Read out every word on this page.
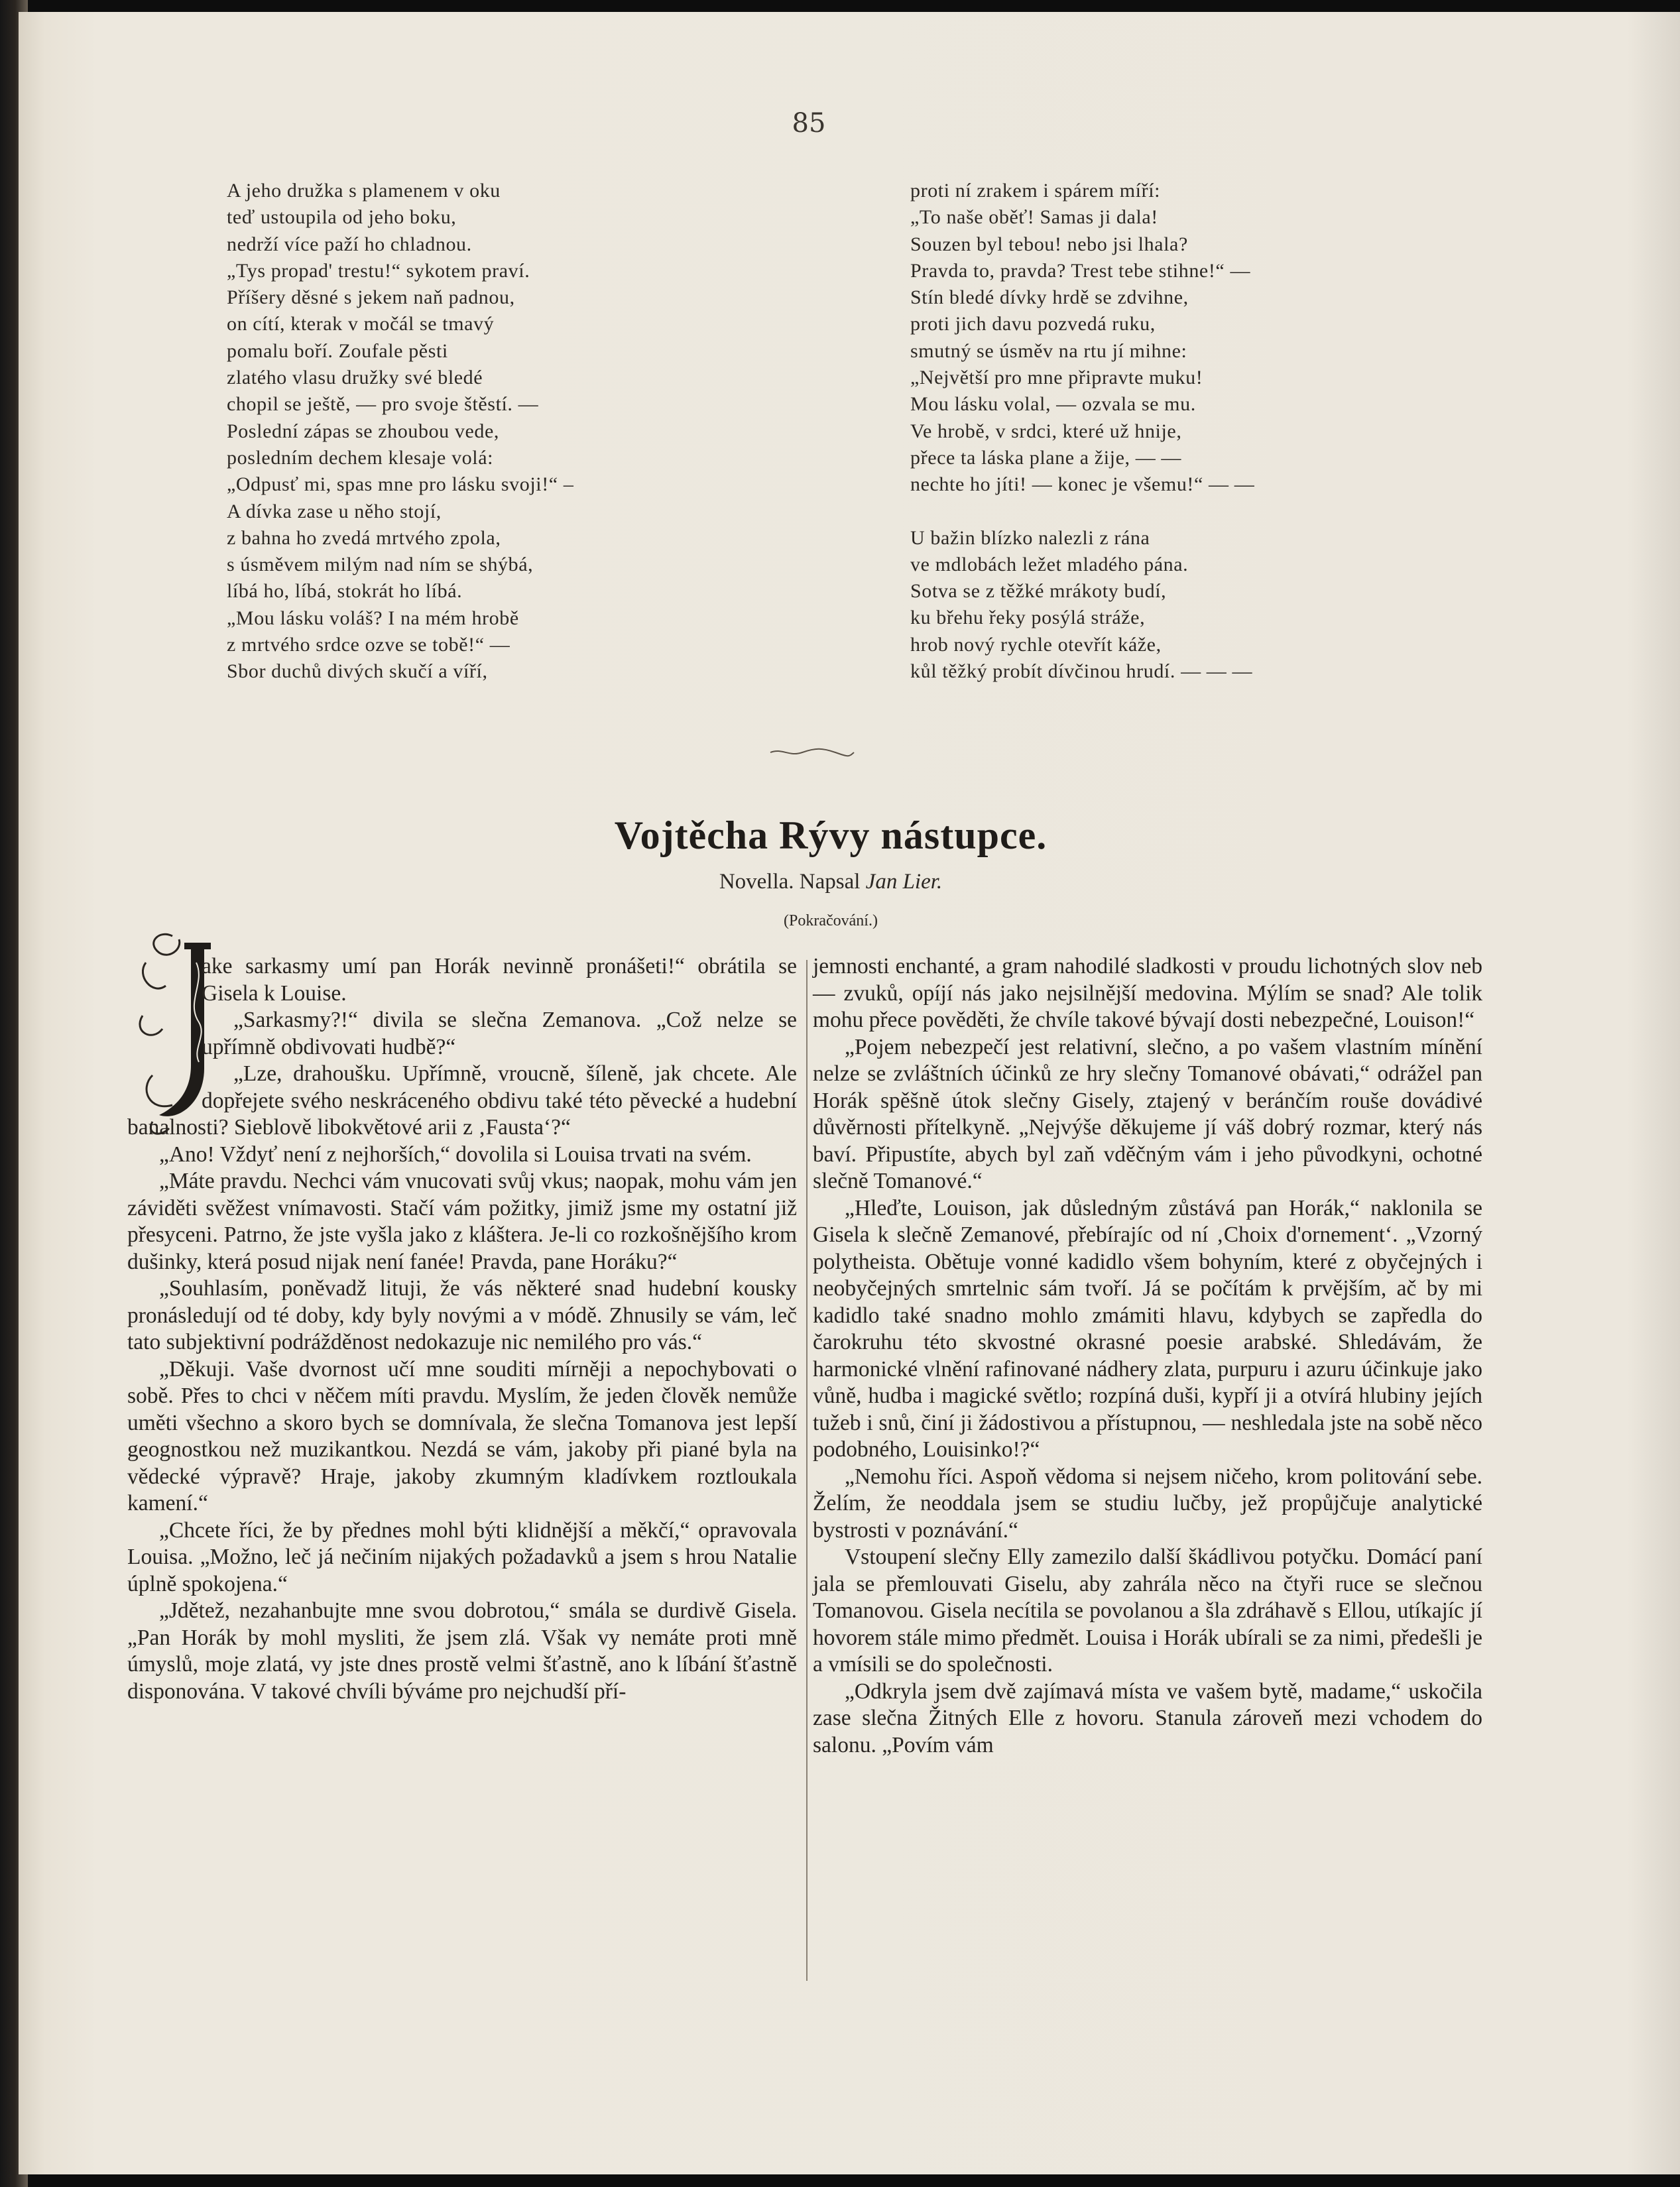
85
A jeho družka s plamenem v oku
teď ustoupila od jeho boku,
nedrží více paží ho chladnou.
„Tys propad' trestu!“ sykotem praví.
Příšery děsné s jekem naň padnou,
on cítí, kterak v močál se tmavý
pomalu boří. Zoufale pěsti
zlatého vlasu družky své bledé
chopil se ještě, — pro svoje štěstí. —
Poslední zápas se zhoubou vede,
posledním dechem klesaje volá:
„Odpusť mi, spas mne pro lásku svoji!“ –
A dívka zase u něho stojí,
z bahna ho zvedá mrtvého zpola,
s úsměvem milým nad ním se shýbá,
líbá ho, líbá, stokrát ho líbá.
„Mou lásku voláš? I na mém hrobě
z mrtvého srdce ozve se tobě!“ —
Sbor duchů divých skučí a víří,
proti ní zrakem i spárem míří:
„To naše oběť! Samas ji dala!
Souzen byl tebou! nebo jsi lhala?
Pravda to, pravda? Trest tebe stihne!“ —
Stín bledé dívky hrdě se zdvihne,
proti jich davu pozvedá ruku,
smutný se úsměv na rtu jí mihne:
„Největší pro mne připravte muku!
Mou lásku volal, — ozvala se mu.
Ve hrobě, v srdci, které už hnije,
přece ta láska plane a žije, — —
nechte ho jíti! — konec je všemu!“ — —
U bažin blízko nalezli z rána
ve mdlobách ležet mladého pána.
Sotva se z těžké mrákoty budí,
ku břehu řeky posýlá stráže,
hrob nový rychle otevřít káže,
kůl těžký probít dívčinou hrudí. — — —
Vojtěcha Rývy nástupce.
Novella. Napsal Jan Lier.
(Pokračování.)

ake sarkasmy umí pan Horák nevinně pronášeti!“ obrátila se Gisela k Louise.

„Sarkasmy?!“ divila se slečna Zemanova. „Což nelze se upřímně obdivovati hudbě?“

„Lze, drahoušku. Upřímně, vroucně, šíleně, jak chcete. Ale dopřejete svého neskráceného obdivu také této pěvecké a hudební banalnosti? Sieblově libokvětové arii z ‚Fausta‘?“

„Ano! Vždyť není z nejhorších,“ dovolila si Louisa trvati na svém.

„Máte pravdu. Nechci vám vnucovati svůj vkus; naopak, mohu vám jen záviděti svěžest vnímavosti. Stačí vám požitky, jimiž jsme my ostatní již přesyceni. Patrno, že jste vyšla jako z kláštera. Je-li co rozkošnějšího krom dušinky, která posud nijak není fanée! Pravda, pane Horáku?“

„Souhlasím, poněvadž lituji, že vás některé snad hudební kousky pronásledují od té doby, kdy byly novými a v módě. Zhnusily se vám, leč tato subjektivní podrážděnost nedokazuje nic nemilého pro vás.“

„Děkuji. Vaše dvornost učí mne souditi mírněji a nepochybovati o sobě. Přes to chci v něčem míti pravdu. Myslím, že jeden člověk nemůže uměti všechno a skoro bych se domnívala, že slečna Tomanova jest lepší geognostkou než muzikantkou. Nezdá se vám, jakoby při piané byla na vědecké výpravě? Hraje, jakoby zkumným kladívkem roztloukala kamení.“

„Chcete říci, že by přednes mohl býti klidnější a měkčí,“ opravovala Louisa. „Možno, leč já nečiním nijakých požadavků a jsem s hrou Natalie úplně spokojena.“

„Jdětež, nezahanbujte mne svou dobrotou,“ smála se durdivě Gisela. „Pan Horák by mohl mysliti, že jsem zlá. Však vy nemáte proti mně úmyslů, moje zlatá, vy jste dnes prostě velmi šťastně, ano k líbání šťastně disponována. V takové chvíli býváme pro nejchudší pří-

jemnosti enchanté, a gram nahodilé sladkosti v proudu lichotných slov neb — zvuků, opíjí nás jako nejsilnější medovina. Mýlím se snad? Ale tolik mohu přece pověděti, že chvíle takové bývají dosti nebezpečné, Louison!“

„Pojem nebezpečí jest relativní, slečno, a po vašem vlastním mínění nelze se zvláštních účinků ze hry slečny Tomanové obávati,“ odrážel pan Horák spěšně útok slečny Gisely, ztajený v beránčím rouše dovádivé důvěrnosti přítelkyně. „Nejvýše děkujeme jí váš dobrý rozmar, který nás baví. Připustíte, abych byl zaň vděčným vám i jeho původkyni, ochotné slečně Tomanové.“

„Hleďte, Louison, jak důsledným zůstává pan Horák,“ naklonila se Gisela k slečně Zemanové, přebírajíc od ní ‚Choix d'ornement‘. „Vzorný polytheista. Obětuje vonné kadidlo všem bohyním, které z obyčejných i neobyčejných smrtelnic sám tvoří. Já se počítám k prvějším, ač by mi kadidlo také snadno mohlo zmámiti hlavu, kdybych se zapředla do čarokruhu této skvostné okrasné poesie arabské. Shledávám, že harmonické vlnění rafinované nádhery zlata, purpuru i azuru účinkuje jako vůně, hudba i magické světlo; rozpíná duši, kypří ji a otvírá hlubiny jejích tužeb i snů, činí ji žádostivou a přístupnou, — neshledala jste na sobě něco podobného, Louisinko!?“

„Nemohu říci. Aspoň vědoma si nejsem ničeho, krom politování sebe. Želím, že neoddala jsem se studiu lučby, jež propůjčuje analytické bystrosti v poznávání.“

Vstoupení slečny Elly zamezilo další škádlivou potyčku. Domácí paní jala se přemlouvati Giselu, aby zahrála něco na čtyři ruce se slečnou Tomanovou. Gisela necítila se povolanou a šla zdráhavě s Ellou, utíkajíc jí hovorem stále mimo předmět. Louisa i Horák ubírali se za nimi, předešli je a vmísili se do společnosti.

„Odkryla jsem dvě zajímavá místa ve vašem bytě, madame,“ uskočila zase slečna Žitných Elle z hovoru. Stanula zároveň mezi vchodem do salonu. „Povím vám
